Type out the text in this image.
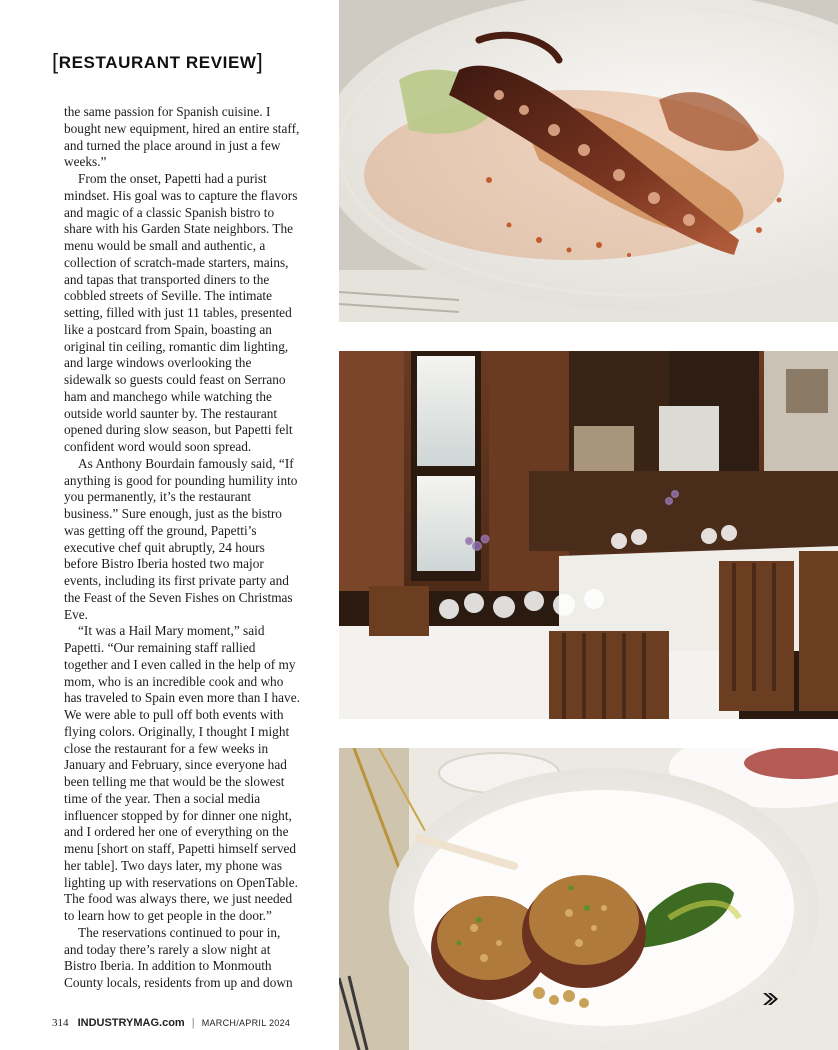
[RESTAURANT REVIEW]

the same passion for Spanish cuisine. I bought new equipment, hired an entire staff, and turned the place around in just a few weeks.”

From the onset, Papetti had a purist mindset. His goal was to capture the flavors and magic of a classic Spanish bistro to share with his Garden State neighbors. The menu would be small and authentic, a collection of scratch-made starters, mains, and tapas that transported diners to the cobbled streets of Seville. The intimate setting, filled with just 11 tables, presented like a postcard from Spain, boasting an original tin ceiling, romantic dim lighting, and large windows overlooking the sidewalk so guests could feast on Serrano ham and manchego while watching the outside world saunter by. The restaurant opened during slow season, but Papetti felt confident word would soon spread.

As Anthony Bourdain famously said, “If anything is good for pounding humility into you permanently, it’s the restaurant business.” Sure enough, just as the bistro was getting off the ground, Papetti’s executive chef quit abruptly, 24 hours before Bistro Iberia hosted two major events, including its first private party and the Feast of the Seven Fishes on Christmas Eve.

“It was a Hail Mary moment,” said Papetti. “Our remaining staff rallied together and I even called in the help of my mom, who is an incredible cook and who has traveled to Spain even more than I have. We were able to pull off both events with flying colors. Originally, I thought I might close the restaurant for a few weeks in January and February, since everyone had been telling me that would be the slowest time of the year. Then a social media influencer stopped by for dinner one night, and I ordered her one of everything on the menu [short on staff, Papetti himself served her table]. Two days later, my phone was lighting up with reservations on OpenTable. The food was always there, we just needed to learn how to get people in the door.”

The reservations continued to pour in, and today there’s rarely a slow night at Bistro Iberia. In addition to Monmouth County locals, residents from up and down

314 INDUSTRYMAG.com | MARCH/APRIL 2024
